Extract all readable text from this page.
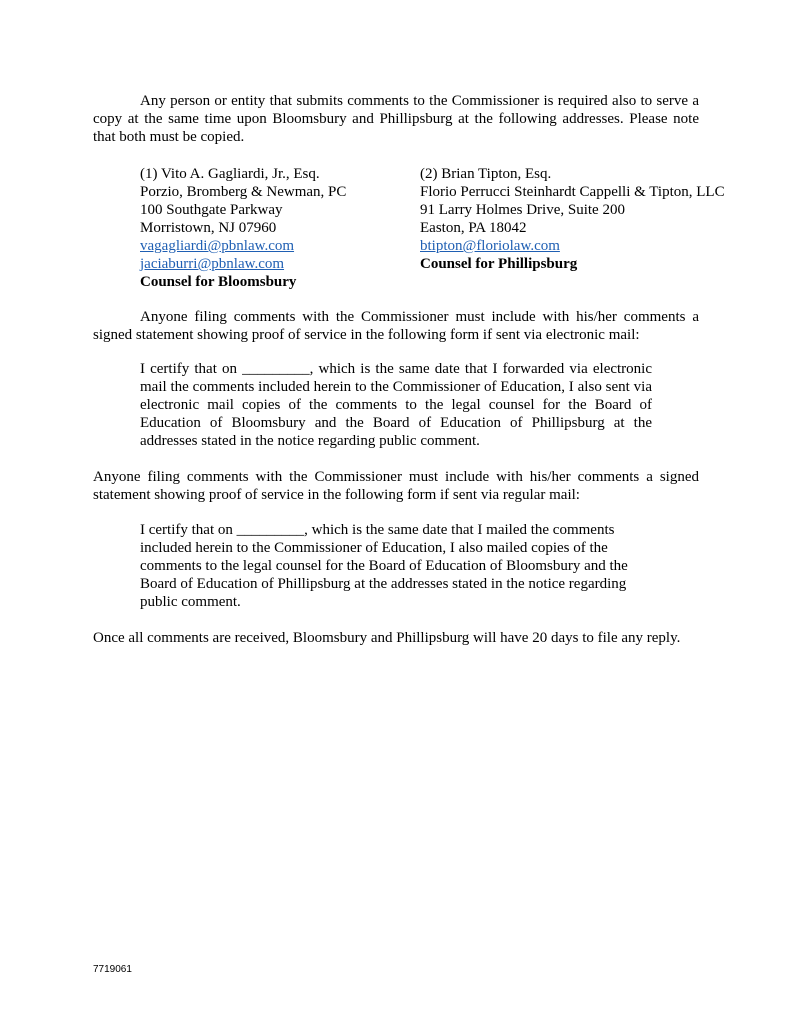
Any person or entity that submits comments to the Commissioner is required also to serve a copy at the same time upon Bloomsbury and Phillipsburg at the following addresses. Please note that both must be copied.

(1) Vito A. Gagliardi, Jr., Esq.
Porzio, Bromberg & Newman, PC
100 Southgate Parkway
Morristown, NJ 07960
vagagliardi@pbnlaw.com
jaciaburri@pbnlaw.com
Counsel for Bloomsbury
(2) Brian Tipton, Esq.
Florio Perrucci Steinhardt Cappelli & Tipton, LLC
91 Larry Holmes Drive, Suite 200
Easton, PA 18042
btipton@floriolaw.com
Counsel for Phillipsburg

Anyone filing comments with the Commissioner must include with his/her comments a signed statement showing proof of service in the following form if sent via electronic mail:

I certify that on _________, which is the same date that I forwarded via electronic mail the comments included herein to the Commissioner of Education, I also sent via electronic mail copies of the comments to the legal counsel for the Board of Education of Bloomsbury and the Board of Education of Phillipsburg at the addresses stated in the notice regarding public comment.

Anyone filing comments with the Commissioner must include with his/her comments a signed statement showing proof of service in the following form if sent via regular mail:

I certify that on _________, which is the same date that I mailed the comments included herein to the Commissioner of Education, I also mailed copies of the comments to the legal counsel for the Board of Education of Bloomsbury and the Board of Education of Phillipsburg at the addresses stated in the notice regarding public comment.

Once all comments are received, Bloomsbury and Phillipsburg will have 20 days to file any reply.

7719061
